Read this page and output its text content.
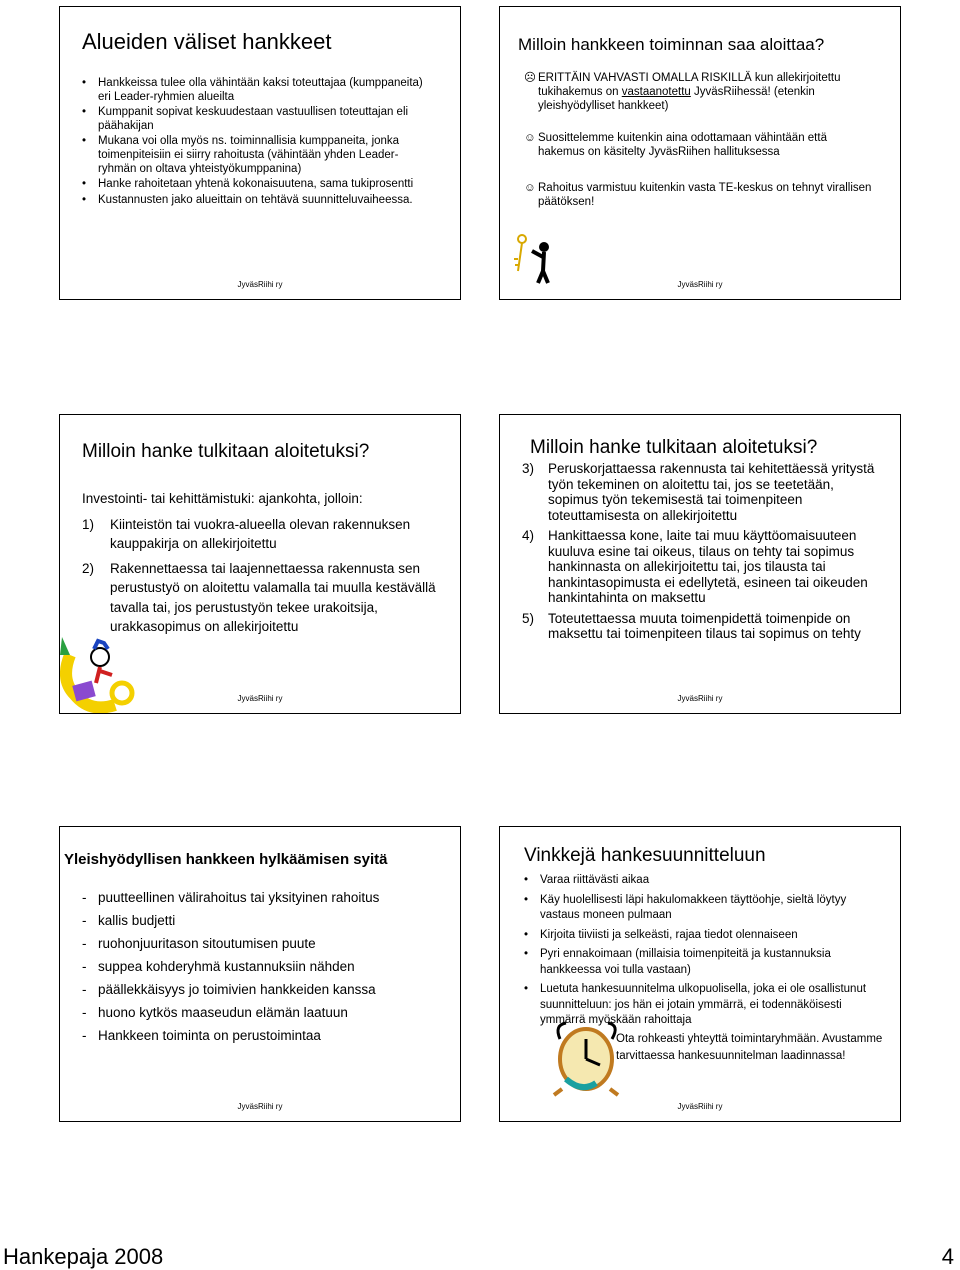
Alueiden väliset hankkeet
• Hankkeissa tulee olla vähintään kaksi toteuttajaa (kumppaneita) eri Leader-ryhmien alueilta
• Kumppanit sopivat keskuudestaan vastuullisen toteuttajan eli päähakijan
• Mukana voi olla myös ns. toiminnallisia kumppaneita, jonka toimenpiteisiin ei siirry rahoitusta (vähintään yhden Leader-ryhmän on oltava yhteistyökumppanina)
• Hanke rahoitetaan yhtenä kokonaisuutena, sama tukiprosentti
• Kustannusten jako alueittain on tehtävä suunnitteluvaiheessa.
JyväsRiihi ry
Milloin hankkeen toiminnan saa aloittaa?
☹ ERITTÄIN VAHVASTI OMALLA RISKILLÄ kun allekirjoitettu tukihakemus on vastaanotettu JyväsRiihessä! (etenkin yleishyödylliset hankkeet)
☺ Suosittelemme kuitenkin aina odottamaan vähintään että hakemus on käsitelty JyväsRiihen hallituksessa
☺ Rahoitus varmistuu kuitenkin vasta TE-keskus on tehnyt virallisen päätöksen!
JyväsRiihi ry
Milloin hanke tulkitaan aloitetuksi?
Investointi- tai kehittämistuki: ajankohta, jolloin:
1)	Kiinteistön tai vuokra-alueella olevan rakennuksen kauppakirja on allekirjoitettu
2)	Rakennettaessa tai laajennettaessa rakennusta sen perustustyö on aloitettu valamalla tai muulla kestävällä tavalla tai, jos perustustyön tekee urakoitsija, urakkasopimus on allekirjoitettu
JyväsRiihi ry
Milloin hanke tulkitaan aloitetuksi?
3)	Peruskorjattaessa rakennusta tai kehitettäessä yritystä työn tekeminen on aloitettu tai, jos se teetetään, sopimus työn tekemisestä tai toimenpiteen toteuttamisesta on allekirjoitettu
4)	Hankittaessa kone, laite tai muu käyttöomaisuuteen kuuluva esine tai oikeus, tilaus on tehty tai sopimus hankinnasta on allekirjoitettu tai, jos tilausta tai hankintasopimusta ei edellytetä, esineen tai oikeuden hankintahinta on maksettu
5)	Toteutettaessa muuta toimenpidettä toimenpide on maksettu tai toimenpiteen tilaus tai sopimus on tehty
JyväsRiihi ry
Yleishyödyllisen hankkeen hylkäämisen syitä
- puutteellinen välirahoitus tai yksityinen rahoitus
- kallis budjetti
- ruohonjuuritason sitoutumisen puute
- suppea kohderyhmä kustannuksiin nähden
- päällekkäisyys jo toimivien hankkeiden kanssa
- huono kytkös maaseudun elämän laatuun
- Hankkeen toiminta on perustoimintaa
JyväsRiihi ry
Vinkkejä hankesuunnitteluun
• Varaa riittävästi aikaa
• Käy huolellisesti läpi hakulomakkeen täyttöohje, sieltä löytyy vastaus moneen pulmaan
• Kirjoita tiiviisti ja selkeästi, rajaa tiedot olennaiseen
• Pyri ennakoimaan (millaisia toimenpiteitä ja kustannuksia hankkeessa voi tulla vastaan)
• Luetuta hankesuunnitelma ulkopuolisella, joka ei ole osallistunut suunnitteluun: jos hän ei jotain ymmärrä, ei todennäköisesti ymmärrä myöskään rahoittaja
Ota rohkeasti yhteyttä toimintaryhmään. Avustamme tarvittaessa hankesuunnitelman laadinnassa!
JyväsRiihi ry
Hankepaja 2008	4
